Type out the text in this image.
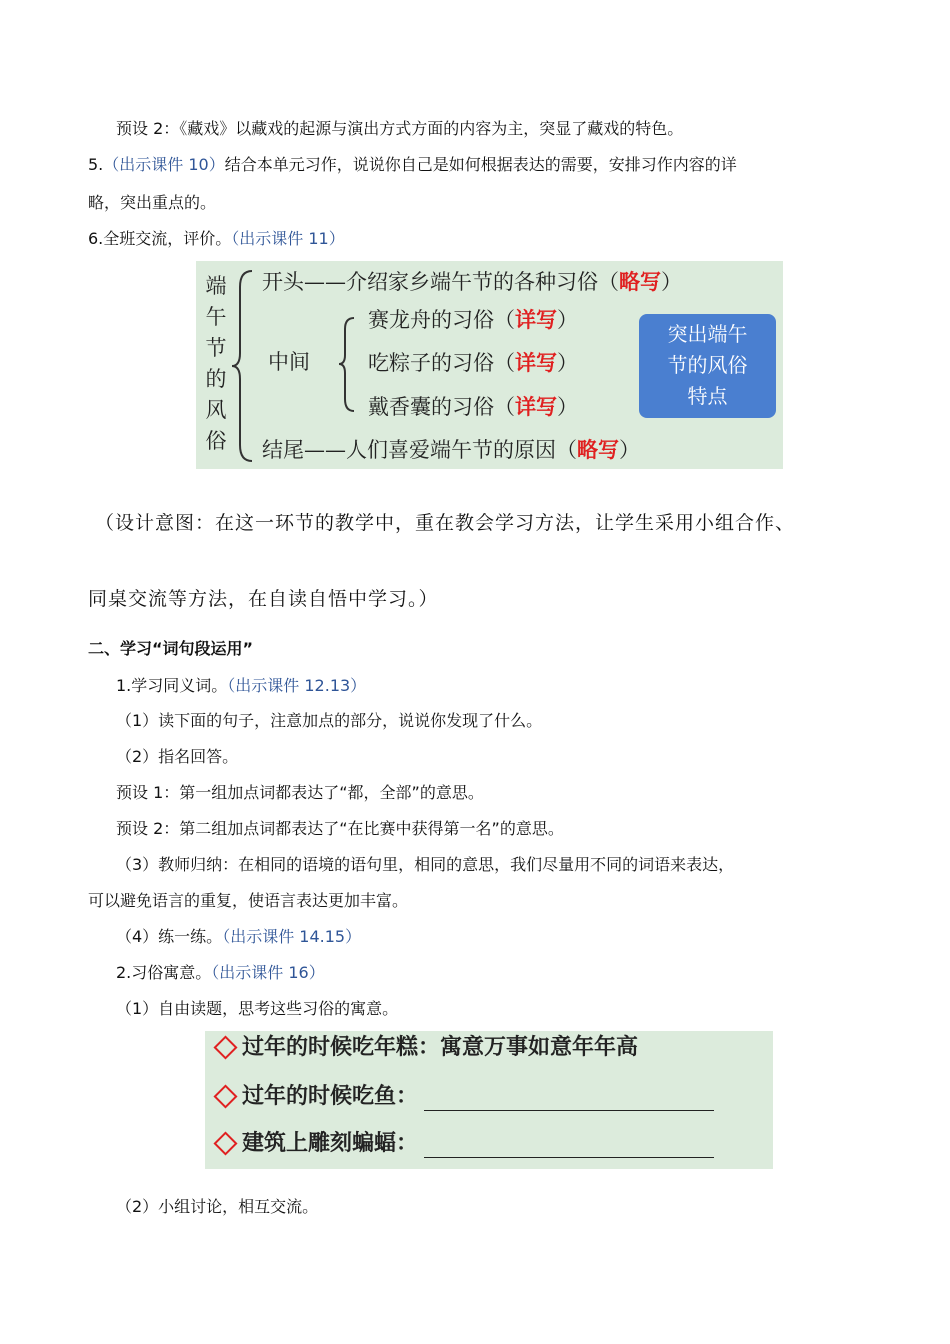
预设 2：《藏戏》以藏戏的起源与演出方式方面的内容为主，突显了藏戏的特色。
5.（出示课件 10）结合本单元习作，说说你自己是如何根据表达的需要，安排习作内容的详
略，突出重点的。
6.全班交流，评价。（出示课件 11）
端
午
节
的
风
俗
开头——介绍家乡端午节的各种习俗（略写）
中间
赛龙舟的习俗（详写）
吃粽子的习俗（详写）
戴香囊的习俗（详写）
突出端午
节的风俗
特点
结尾——人们喜爱端午节的原因（略写）
（设计意图：在这一环节的教学中，重在教会学习方法，让学生采用小组合作、
同桌交流等方法，在自读自悟中学习。）
二、学习“词句段运用”
1.学习同义词。（出示课件 12.13）
（1）读下面的句子，注意加点的部分，说说你发现了什么。
（2）指名回答。
预设 1：第一组加点词都表达了“都，全部”的意思。
预设 2：第二组加点词都表达了“在比赛中获得第一名”的意思。
（3）教师归纳：在相同的语境的语句里，相同的意思，我们尽量用不同的词语来表达，
可以避免语言的重复，使语言表达更加丰富。
（4）练一练。（出示课件 14.15）
2.习俗寓意。（出示课件 16）
（1）自由读题，思考这些习俗的寓意。
过年的时候吃年糕：寓意万事如意年年高
过年的时候吃鱼：
建筑上雕刻蝙蝠：
（2）小组讨论，相互交流。
